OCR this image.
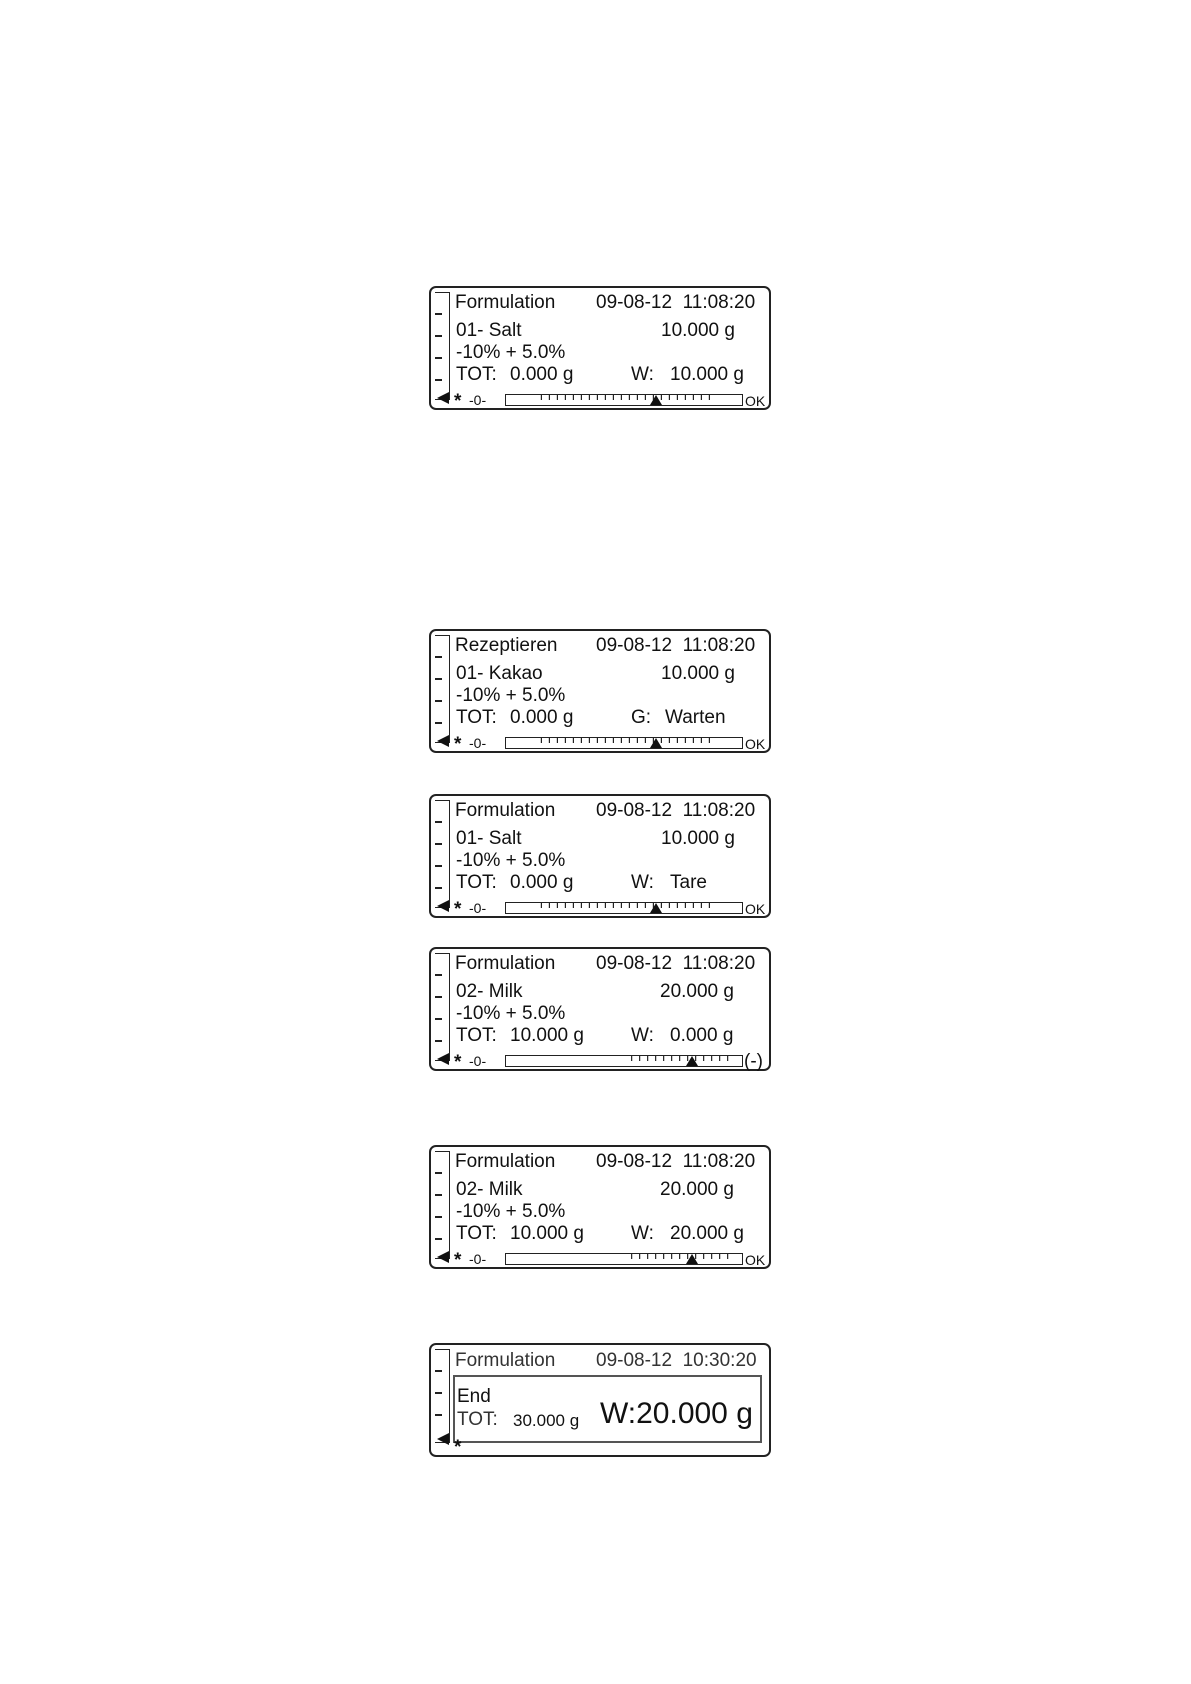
Formulation 09-08-12  11:08:20
01- Salt	10.000 g
-10% + 5.0%
TOT: 0.000 g	W: 10.000 g
* -0-	OK
Rezeptieren 09-08-12  11:08:20
01- Kakao	10.000 g
-10% + 5.0%
TOT: 0.000 g	G: Warten
* -0-	OK
Formulation 09-08-12  11:08:20
01- Salt	10.000 g
-10% + 5.0%
TOT: 0.000 g	W: Tare
* -0-	OK
Formulation 09-08-12  11:08:20
02- Milk	20.000 g
-10% + 5.0%
TOT: 10.000 g W: 0.000 g
* -0-	(-)
Formulation 09-08-12  11:08:20
02- Milk	20.000 g
-10% + 5.0%
TOT: 10.000 g W: 20.000 g
* -0-	OK
Formulation 09-08-12  10:30:20
End
TOT: 30.000 g W:20.000 g
*
